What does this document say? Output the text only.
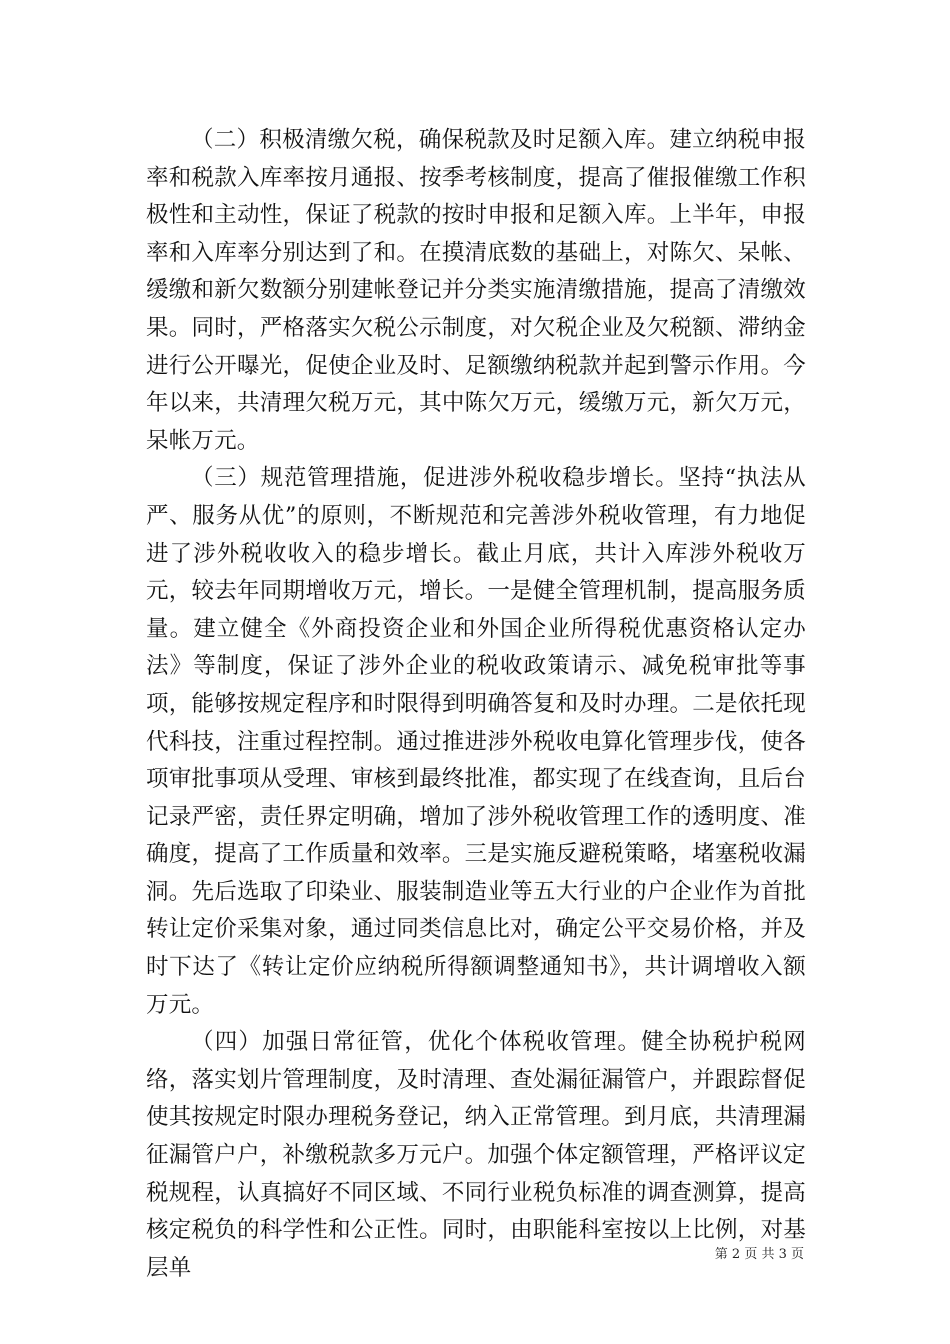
（二）积极清缴欠税，确保税款及时足额入库。建立纳税申报率和税款入库率按月通报、按季考核制度，提高了催报催缴工作积极性和主动性，保证了税款的按时申报和足额入库。上半年，申报率和入库率分别达到了和。在摸清底数的基础上，对陈欠、呆帐、缓缴和新欠数额分别建帐登记并分类实施清缴措施，提高了清缴效果。同时，严格落实欠税公示制度，对欠税企业及欠税额、滞纳金进行公开曝光，促使企业及时、足额缴纳税款并起到警示作用。今年以来，共清理欠税万元，其中陈欠万元，缓缴万元，新欠万元，呆帐万元。

（三）规范管理措施，促进涉外税收稳步增长。坚持“执法从严、服务从优”的原则，不断规范和完善涉外税收管理，有力地促进了涉外税收收入的稳步增长。截止月底，共计入库涉外税收万元，较去年同期增收万元，增长。一是健全管理机制，提高服务质量。建立健全《外商投资企业和外国企业所得税优惠资格认定办法》等制度，保证了涉外企业的税收政策请示、减免税审批等事项，能够按规定程序和时限得到明确答复和及时办理。二是依托现代科技，注重过程控制。通过推进涉外税收电算化管理步伐，使各项审批事项从受理、审核到最终批准，都实现了在线查询，且后台记录严密，责任界定明确，增加了涉外税收管理工作的透明度、准确度，提高了工作质量和效率。三是实施反避税策略，堵塞税收漏洞。先后选取了印染业、服装制造业等五大行业的户企业作为首批转让定价采集对象，通过同类信息比对，确定公平交易价格，并及时下达了《转让定价应纳税所得额调整通知书》，共计调增收入额万元。

（四）加强日常征管，优化个体税收管理。健全协税护税网络，落实划片管理制度，及时清理、查处漏征漏管户，并跟踪督促使其按规定时限办理税务登记，纳入正常管理。到月底，共清理漏征漏管户户，补缴税款多万元户。加强个体定额管理，严格评议定税规程，认真搞好不同区域、不同行业税负标准的调查测算，提高核定税负的科学性和公正性。同时，由职能科室按以上比例，对基层单

第 2 页 共 3 页
